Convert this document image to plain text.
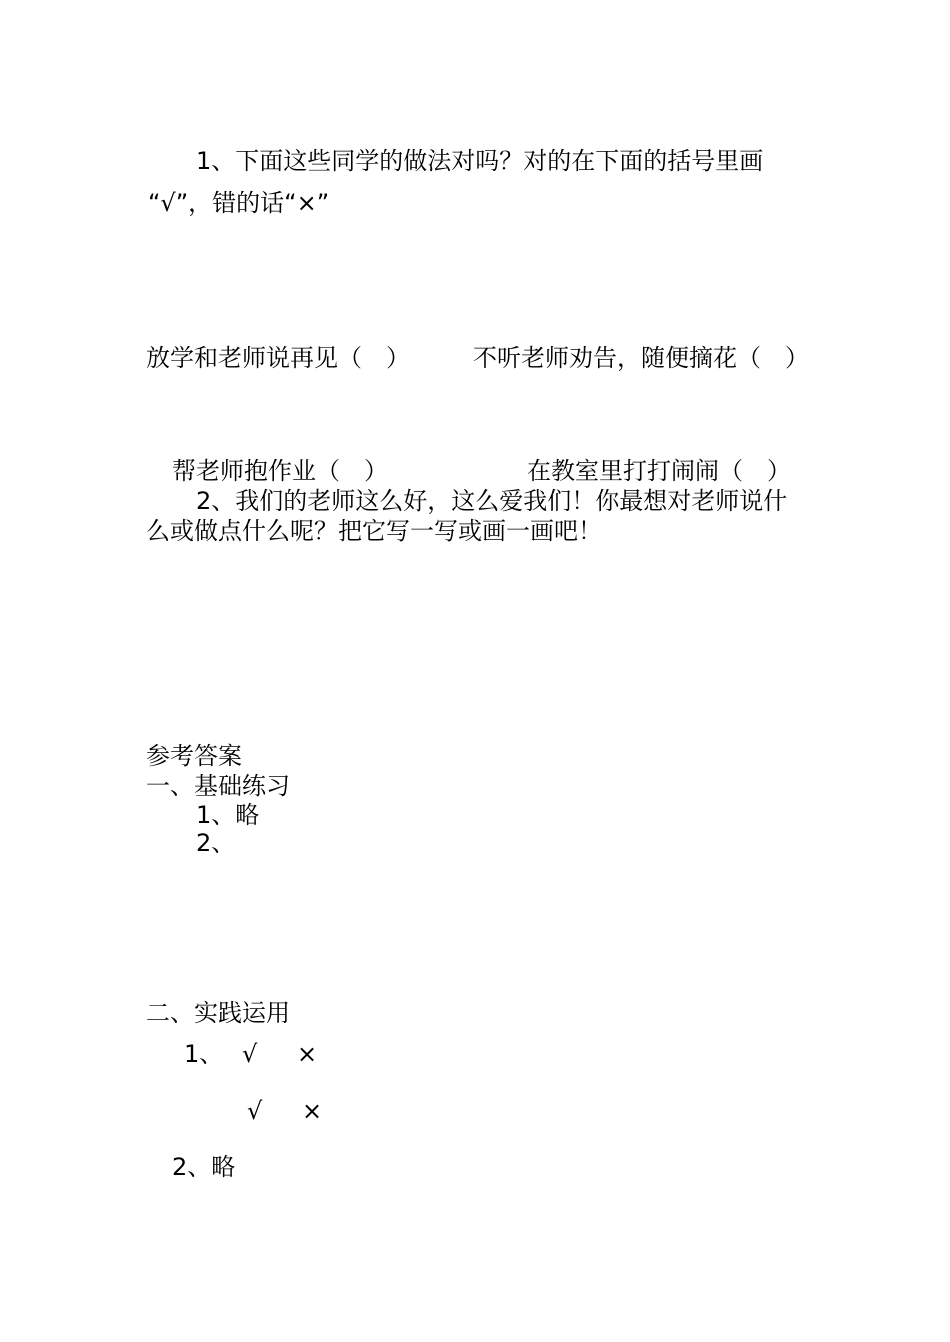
1、下面这些同学的做法对吗？对的在下面的括号里画
“√”，错的话“×”
放学和老师说再见（　）	不听老师劝告，随便摘花（　）
帮老师抱作业（　）	在教室里打打闹闹（　）
2、我们的老师这么好，这么爱我们！你最想对老师说什
么或做点什么呢？把它写一写或画一画吧！
参考答案
一、基础练习
1、略
2、
二、实践运用
1、 √ ×
√ ×
2、略
